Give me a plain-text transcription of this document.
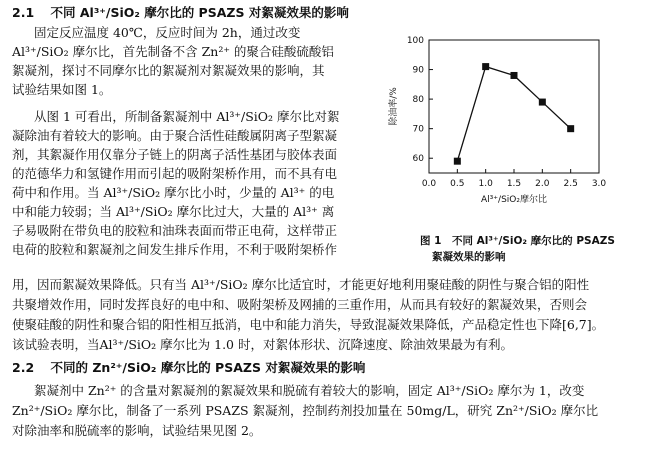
2.1 不同 Al³⁺/SiO₂ 摩尔比的 PSAZS 对絮凝效果的影响
固定反应温度 40℃，反应时间为 2h，通过改变
Al³⁺/SiO₂ 摩尔比，首先制备不含 Zn²⁺ 的聚合硅酸硫酸铝
絮凝剂，探讨不同摩尔比的絮凝剂对絮凝效果的影响，其
试验结果如图 1。
从图 1 可看出，所制备絮凝剂中 Al³⁺/SiO₂ 摩尔比对絮
凝除油有着较大的影响。由于聚合活性硅酸属阴离子型絮凝
剂，其絮凝作用仅靠分子链上的阴离子活性基团与胶体表面
的范德华力和氢键作用而引起的吸附架桥作用，而不具有电
荷中和作用。当 Al³⁺/SiO₂ 摩尔比小时，少量的 Al³⁺ 的电
中和能力较弱；当 Al³⁺/SiO₂ 摩尔比过大，大量的 Al³⁺ 离
子易吸附在带负电的胶粒和油珠表面而带正电荷，这样带正
电荷的胶粒和絮凝剂之间发生排斥作用，不利于吸附架桥作
用，因而絮凝效果降低。只有当 Al³⁺/SiO₂ 摩尔比适宜时，才能更好地利用聚硅酸的阴性与聚合铝的阳性
共聚增效作用，同时发挥良好的电中和、吸附架桥及网捕的三重作用，从而具有较好的絮凝效果，否则会
使聚硅酸的阴性和聚合铝的阳性相互抵消，电中和能力消失，导致混凝效果降低，产品稳定性也下降[6,7]。
该试验表明，当Al³⁺/SiO₂ 摩尔比为 1.0 时，对絮体形状、沉降速度、除油效果最为有利。
2.2 不同的 Zn²⁺/SiO₂ 摩尔比的 PSAZS 对絮凝效果的影响
絮凝剂中 Zn²⁺ 的含量对絮凝剂的絮凝效果和脱硫有着较大的影响，固定 Al³⁺/SiO₂ 摩尔为 1，改变
Zn²⁺/SiO₂ 摩尔比，制备了一系列 PSAZS 絮凝剂，控制药剂投加量在 50mg/L，研究 Zn²⁺/SiO₂ 摩尔比
对除油率和脱硫率的影响，试验结果见图 2。
0.0 0.5 1.0 1.5 2.0 2.5 3.0
60
70
80
90
100
除油率/%
Al³⁺/SiO₂摩尔比
图 1　不同 Al³⁺/SiO₂ 摩尔比的 PSAZS
絮凝效果的影响
